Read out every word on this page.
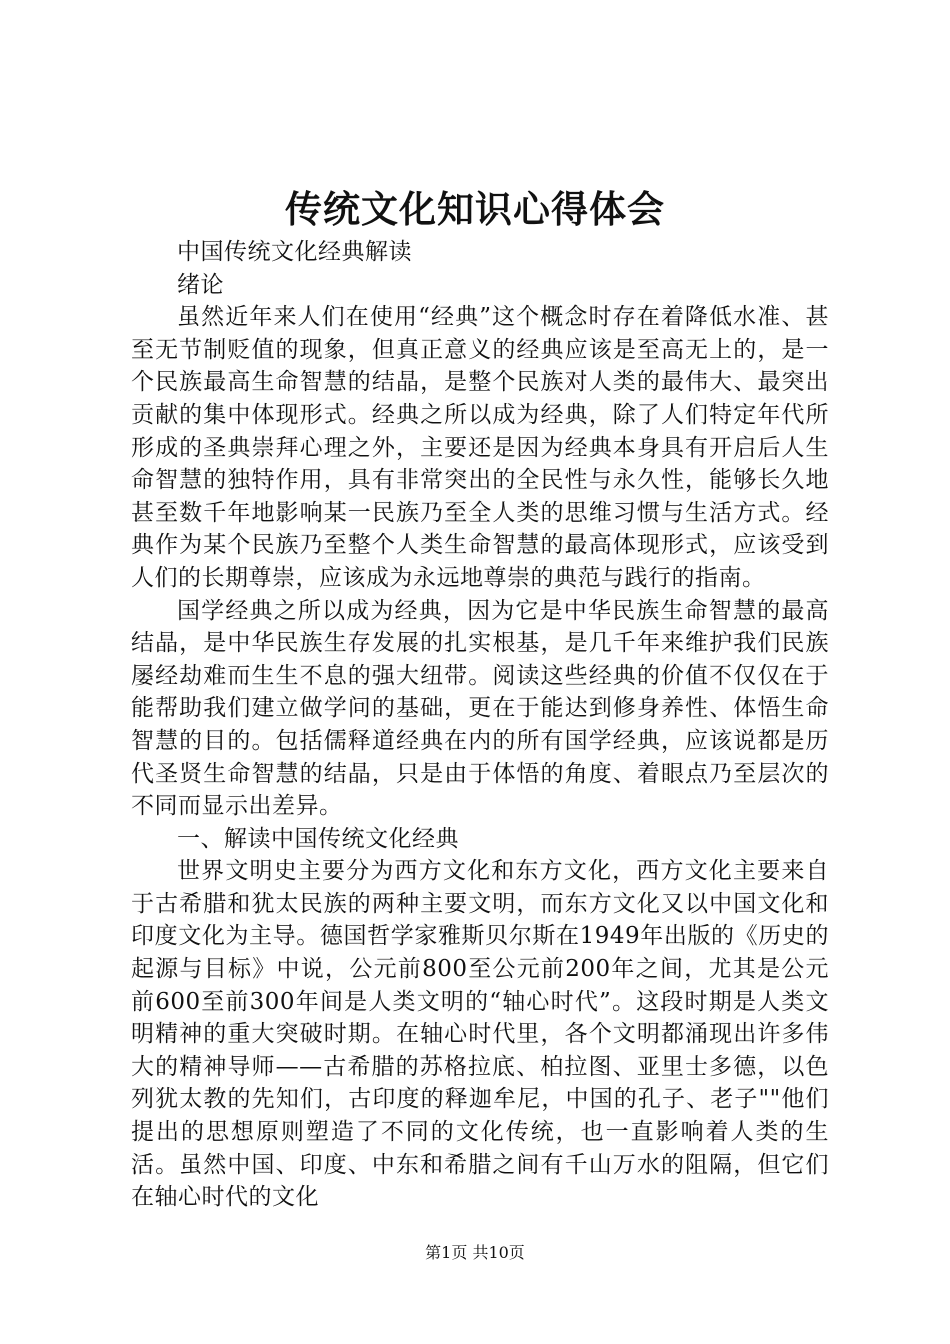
传统文化知识心得体会

中国传统文化经典解读

绪论

虽然近年来人们在使用“经典”这个概念时存在着降低水准、甚至无节制贬值的现象，但真正意义的经典应该是至高无上的，是一个民族最高生命智慧的结晶，是整个民族对人类的最伟大、最突出贡献的集中体现形式。经典之所以成为经典，除了人们特定年代所形成的圣典崇拜心理之外，主要还是因为经典本身具有开启后人生命智慧的独特作用，具有非常突出的全民性与永久性，能够长久地甚至数千年地影响某一民族乃至全人类的思维习惯与生活方式。经典作为某个民族乃至整个人类生命智慧的最高体现形式，应该受到人们的长期尊崇，应该成为永远地尊崇的典范与践行的指南。

国学经典之所以成为经典，因为它是中华民族生命智慧的最高结晶，是中华民族生存发展的扎实根基，是几千年来维护我们民族屡经劫难而生生不息的强大纽带。阅读这些经典的价值不仅仅在于能帮助我们建立做学问的基础，更在于能达到修身养性、体悟生命智慧的目的。包括儒释道经典在内的所有国学经典，应该说都是历代圣贤生命智慧的结晶，只是由于体悟的角度、着眼点乃至层次的不同而显示出差异。

一、解读中国传统文化经典

世界文明史主要分为西方文化和东方文化，西方文化主要来自于古希腊和犹太民族的两种主要文明，而东方文化又以中国文化和印度文化为主导。德国哲学家雅斯贝尔斯在1949年出版的《历史的起源与目标》中说，公元前800至公元前200年之间，尤其是公元前600至前300年间是人类文明的“轴心时代”。这段时期是人类文明精神的重大突破时期。在轴心时代里，各个文明都涌现出许多伟大的精神导师——古希腊的苏格拉底、柏拉图、亚里士多德，以色列犹太教的先知们，古印度的释迦牟尼，中国的孔子、老子""他们提出的思想原则塑造了不同的文化传统，也一直影响着人类的生活。虽然中国、印度、中东和希腊之间有千山万水的阻隔，但它们在轴心时代的文化

第1页 共10页
